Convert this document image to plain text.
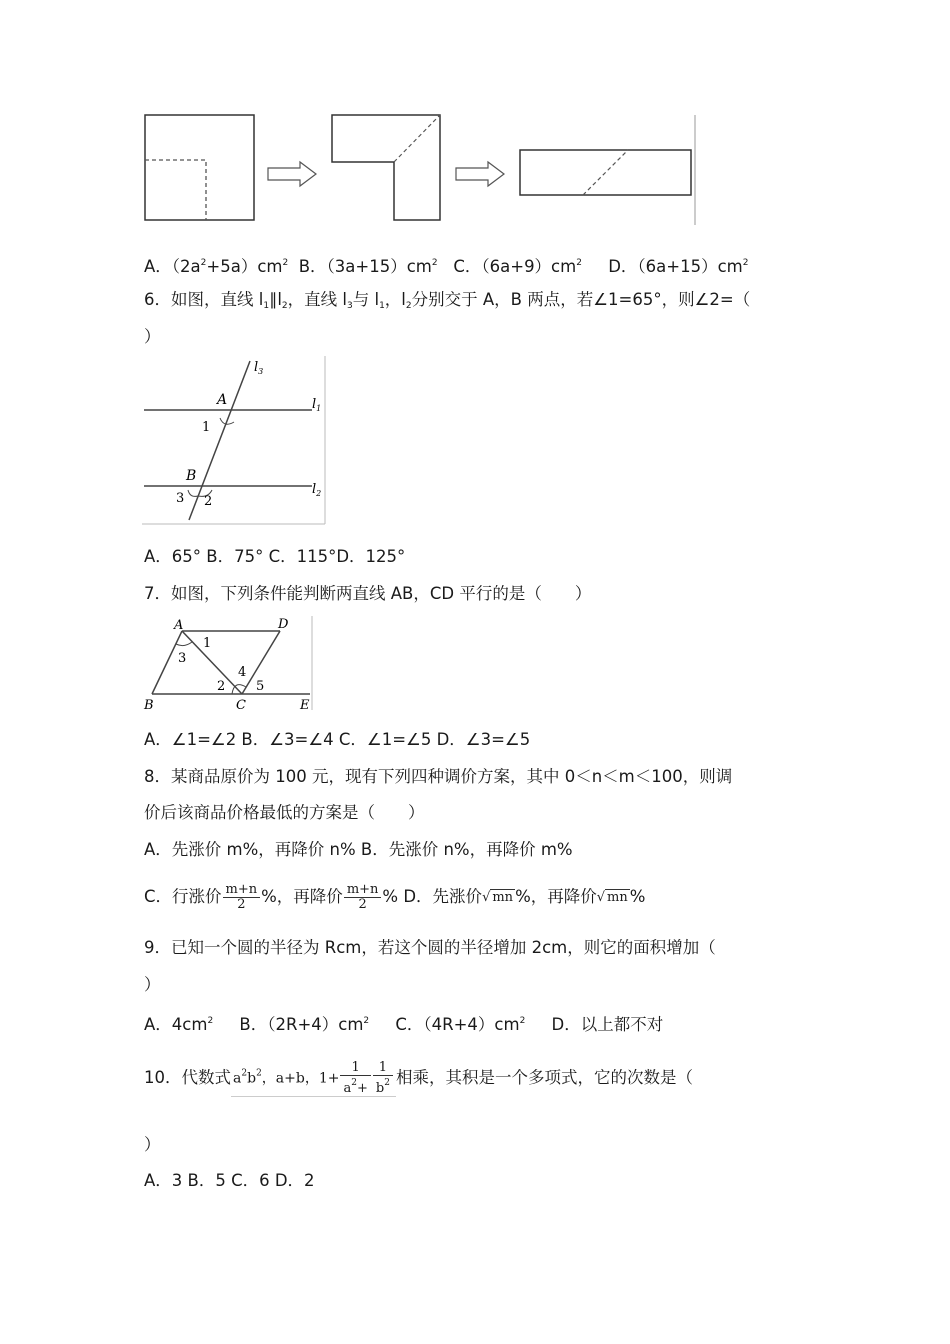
A．$(2a^2+5a)cm^2$ B．$(3a+15)cm^2$ C．$(6a+9)cm^2$ D．$(6a+15)cm^2$
6．如图，直线 $l_1\parallel l_2$，直线 $l_3$与 $l_1$，$l_2$分别交于 A，B 两点，若∠1=65°，则∠2=（
）
$l_3$
$l_1$
$l_2$
A
B
1
2
3
A．65° B．75° C．115°D．125°
7．如图，下列条件能判断两直线 AB，CD 平行的是（　　）
A	D
B	C	E
1
3
2
4
5
A．∠1=∠2 B．∠3=∠4 C．∠1=∠5 D．∠3=∠5
8．某商品原价为 100 元，现有下列四种调价方案，其中 0＜n＜m＜100，则调
价后该商品价格最低的方案是（　　）
A．先涨价 m%，再降价 n% B．先涨价 n%，再降价 m%
C．行涨价 $\frac{m+n}{2}$ %，再降价 $\frac{m+n}{2}$ % D．先涨价√ mn %，再降价√ mn %
9．已知一个圆的半径为 Rcm，若这个圆的半径增加 2cm，则它的面积增加（
）
A．$4cm^2$ B．$(2R+4)cm^2$ C．$(4R+4)cm^2$ D．以上都不对
10．代数式 $a^2b^2$，a+b，$1+ \frac{1}{a^2+} \frac{1}{b^2}$ 相乘，其积是一个多项式，它的次数是（
）
A．3 B．5 C．6 D．2
